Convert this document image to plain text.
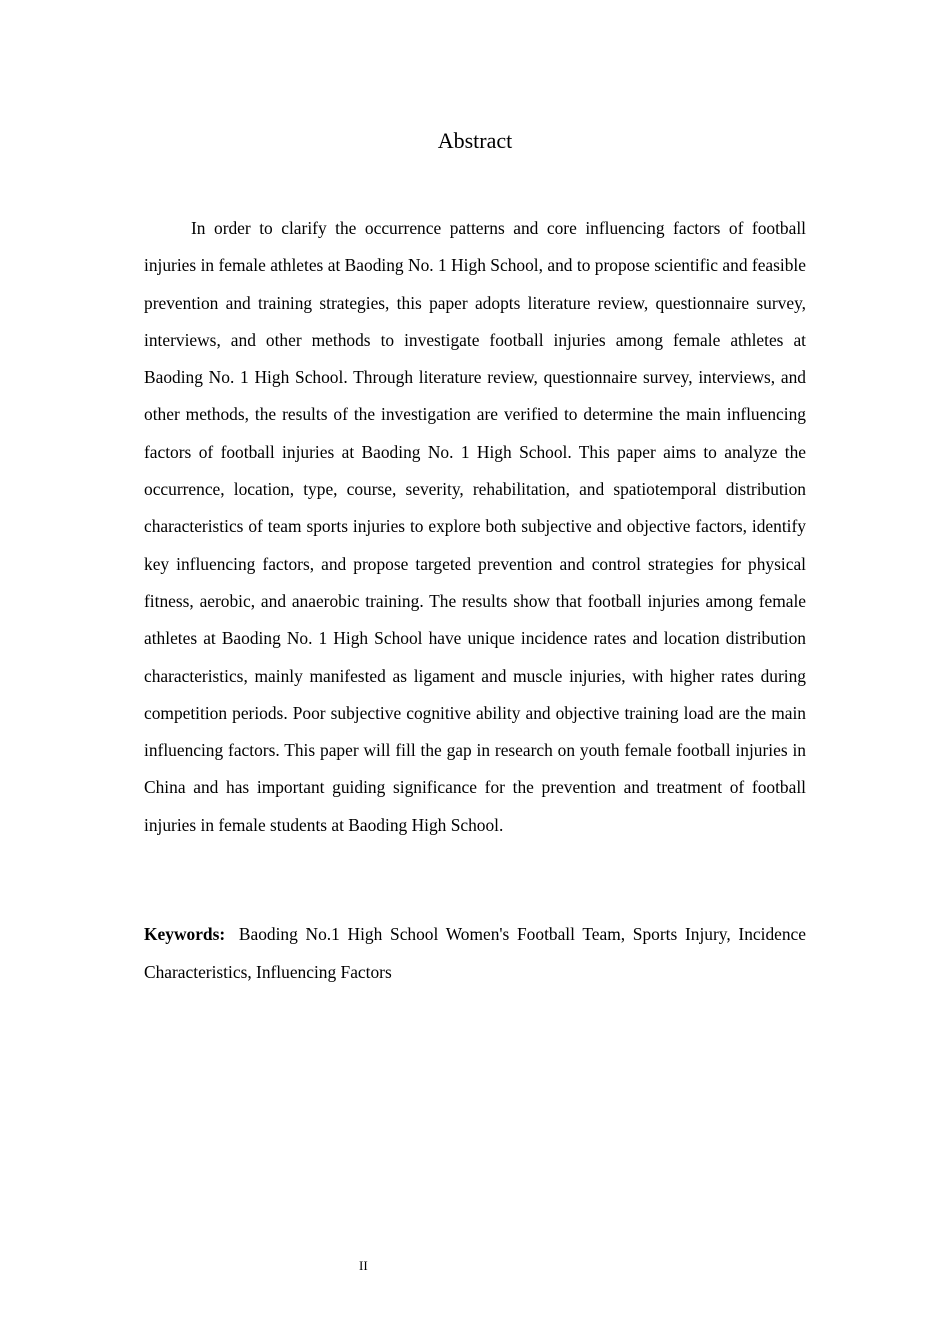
Abstract

In order to clarify the occurrence patterns and core influencing factors of football injuries in female athletes at Baoding No. 1 High School, and to propose scientific and feasible prevention and training strategies, this paper adopts literature review, questionnaire survey, interviews, and other methods to investigate football injuries among female athletes at Baoding No. 1 High School. Through literature review, questionnaire survey, interviews, and other methods, the results of the investigation are verified to determine the main influencing factors of football injuries at Baoding No. 1 High School. This paper aims to analyze the occurrence, location, type, course, severity, rehabilitation, and spatiotemporal distribution characteristics of team sports injuries to explore both subjective and objective factors, identify key influencing factors, and propose targeted prevention and control strategies for physical fitness, aerobic, and anaerobic training. The results show that football injuries among female athletes at Baoding No. 1 High School have unique incidence rates and location distribution characteristics, mainly manifested as ligament and muscle injuries, with higher rates during competition periods. Poor subjective cognitive ability and objective training load are the main influencing factors. This paper will fill the gap in research on youth female football injuries in China and has important guiding significance for the prevention and treatment of football injuries in female students at Baoding High School.

Keywords: Baoding No.1 High School Women's Football Team, Sports Injury, Incidence Characteristics, Influencing Factors

II
